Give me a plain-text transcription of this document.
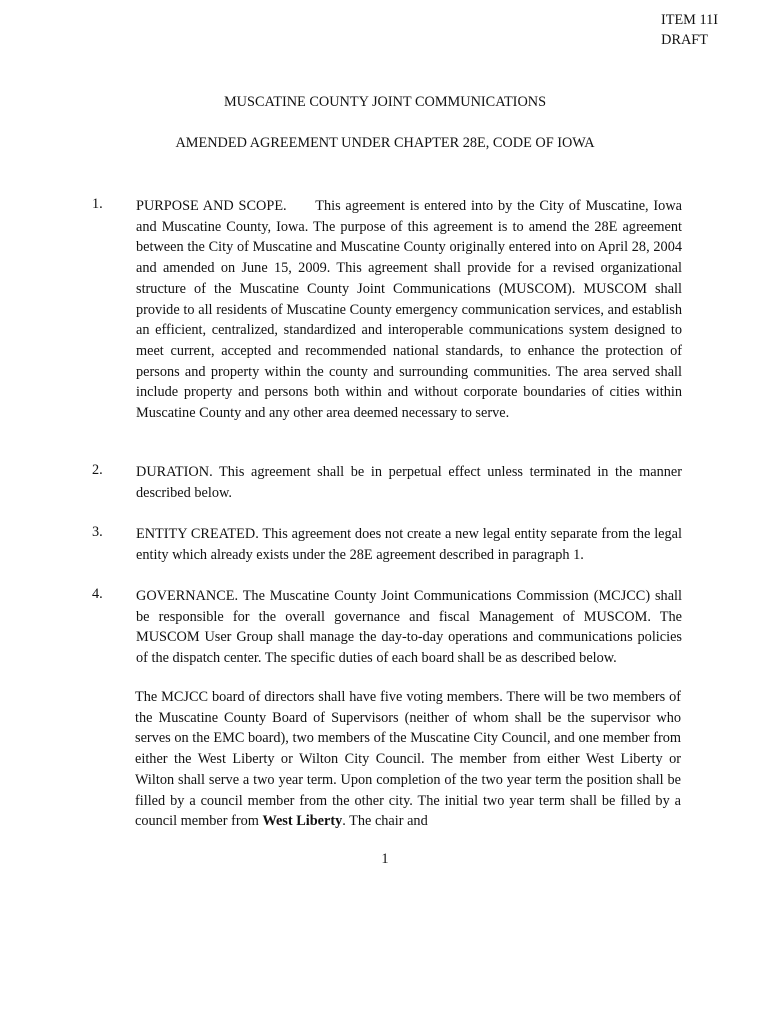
ITEM 11I
DRAFT
MUSCATINE COUNTY JOINT COMMUNICATIONS
AMENDED AGREEMENT UNDER CHAPTER 28E, CODE OF IOWA
1.	PURPOSE AND SCOPE.  This agreement is entered into by the City of Muscatine, Iowa and Muscatine County, Iowa. The purpose of this agreement is to amend the 28E agreement between the City of Muscatine and Muscatine County originally entered into on April 28, 2004 and amended on June 15, 2009. This agreement shall provide for a revised organizational structure of the Muscatine County Joint Communications (MUSCOM). MUSCOM shall provide to all residents of Muscatine County emergency communication services, and establish an efficient, centralized, standardized and interoperable communications system designed to meet current, accepted and recommended national standards, to enhance the protection of persons and property within the county and surrounding communities. The area served shall include property and persons both within and without corporate boundaries of cities within Muscatine County and any other area deemed necessary to serve.
2.	DURATION. This agreement shall be in perpetual effect unless terminated in the manner described below.
3.	ENTITY CREATED. This agreement does not create a new legal entity separate from the legal entity which already exists under the 28E agreement described in paragraph 1.
4.	GOVERNANCE. The Muscatine County Joint Communications Commission (MCJCC) shall be responsible for the overall governance and fiscal Management of MUSCOM. The MUSCOM User Group shall manage the day-to-day operations and communications policies of the dispatch center. The specific duties of each board shall be as described below.
The MCJCC board of directors shall have five voting members. There will be two members of the Muscatine County Board of Supervisors (neither of whom shall be the supervisor who serves on the EMC board), two members of the Muscatine City Council, and one member from either the West Liberty or Wilton City Council. The member from either West Liberty or Wilton shall serve a two year term. Upon completion of the two year term the position shall be filled by a council member from the other city. The initial two year term shall be filled by a council member from West Liberty. The chair and
1
